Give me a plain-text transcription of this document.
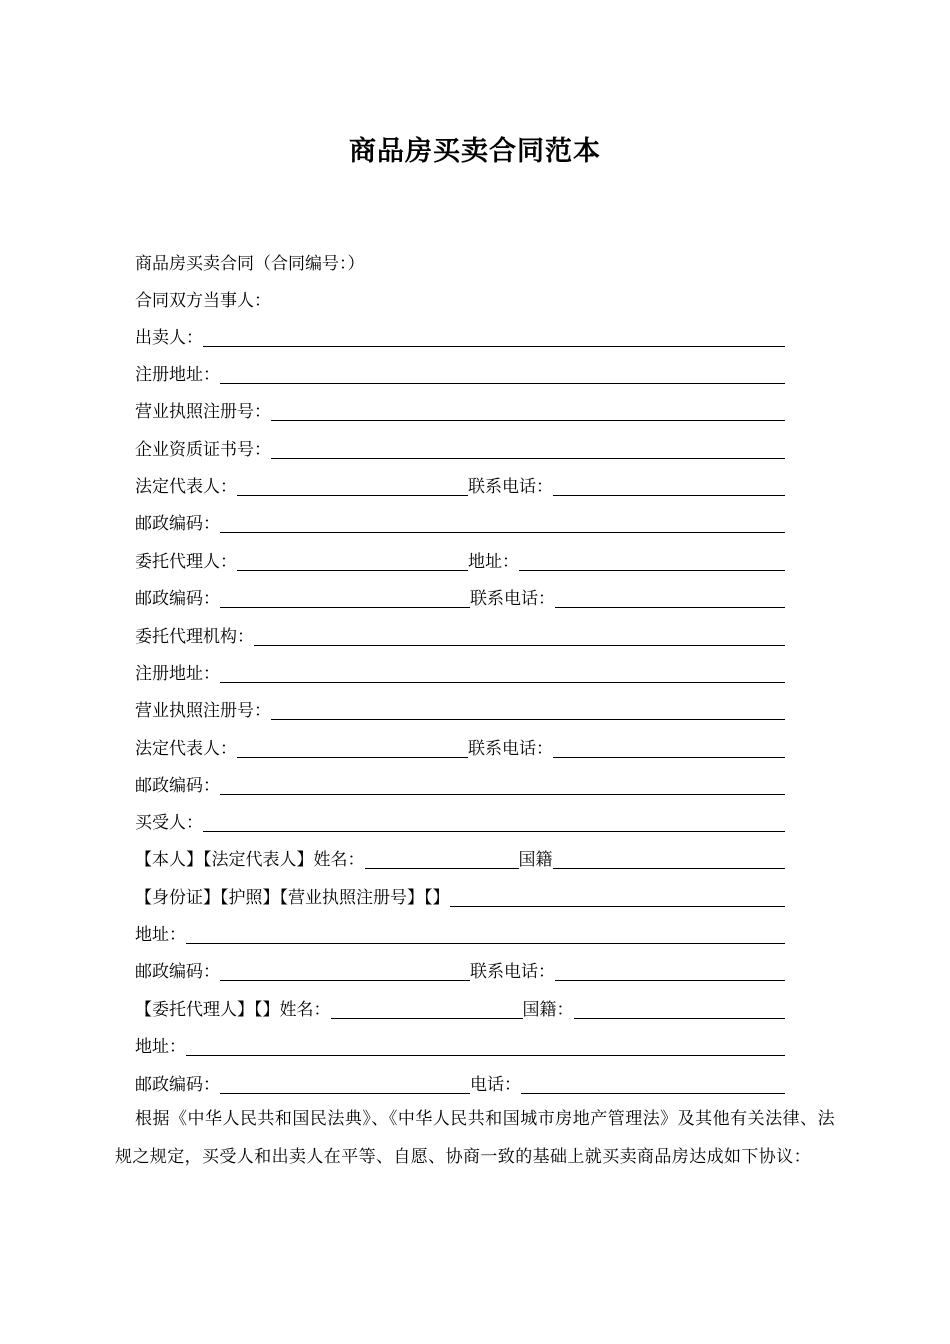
商品房买卖合同范本
商品房买卖合同（合同编号：）
合同双方当事人：
出卖人：
注册地址：
营业执照注册号：
企业资质证书号：
法定代表人：	联系电话：
邮政编码：
委托代理人：	地址：
邮政编码：	联系电话：
委托代理机构：
注册地址：
营业执照注册号：
法定代表人：	联系电话：
邮政编码：
买受人：
【本人】【法定代表人】姓名：	国籍
【身份证】【护照】【营业执照注册号】【】
地址：
邮政编码：	联系电话：
【委托代理人】【】姓名：	国籍：
地址：
邮政编码：	电话：

根据《中华人民共和国民法典》、《中华人民共和国城市房地产管理法》及其他有关法律、法规之规定，买受人和出卖人在平等、自愿、协商一致的基础上就买卖商品房达成如下协议：
